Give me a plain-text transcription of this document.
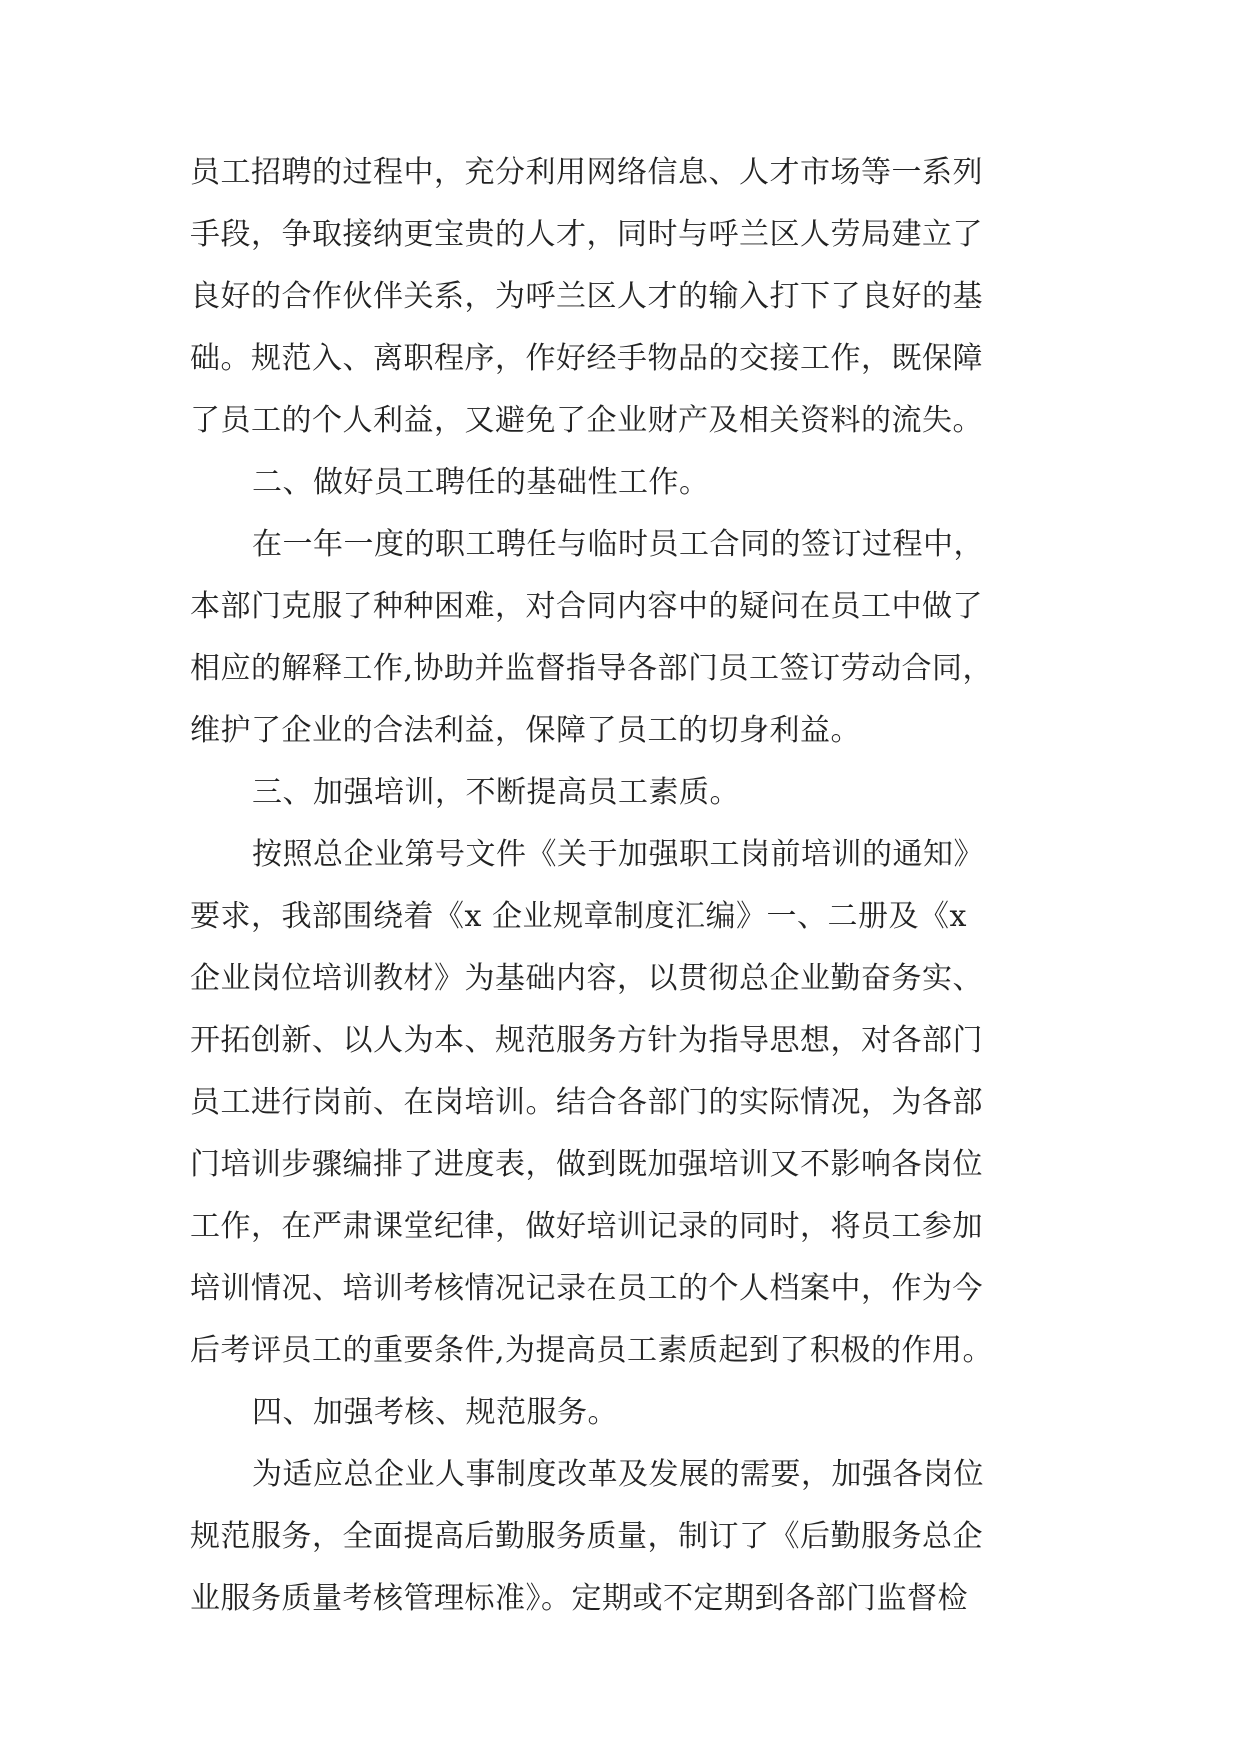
员工招聘的过程中，充分利用网络信息、人才市场等一系列
手段，争取接纳更宝贵的人才，同时与呼兰区人劳局建立了
良好的合作伙伴关系，为呼兰区人才的输入打下了良好的基
础。规范入、离职程序，作好经手物品的交接工作，既保障
了员工的个人利益，又避免了企业财产及相关资料的流失。
二、做好员工聘任的基础性工作。
在一年一度的职工聘任与临时员工合同的签订过程中，
本部门克服了种种困难，对合同内容中的疑问在员工中做了
相应的解释工作,协助并监督指导各部门员工签订劳动合同，
维护了企业的合法利益，保障了员工的切身利益。
三、加强培训，不断提高员工素质。
按照总企业第号文件《关于加强职工岗前培训的通知》
要求，我部围绕着《x 企业规章制度汇编》一、二册及《x
企业岗位培训教材》为基础内容，以贯彻总企业勤奋务实、
开拓创新、以人为本、规范服务方针为指导思想，对各部门
员工进行岗前、在岗培训。结合各部门的实际情况，为各部
门培训步骤编排了进度表，做到既加强培训又不影响各岗位
工作，在严肃课堂纪律，做好培训记录的同时，将员工参加
培训情况、培训考核情况记录在员工的个人档案中，作为今
后考评员工的重要条件,为提高员工素质起到了积极的作用。
四、加强考核、规范服务。
为适应总企业人事制度改革及发展的需要，加强各岗位
规范服务，全面提高后勤服务质量，制订了《后勤服务总企
业服务质量考核管理标准》。定期或不定期到各部门监督检
